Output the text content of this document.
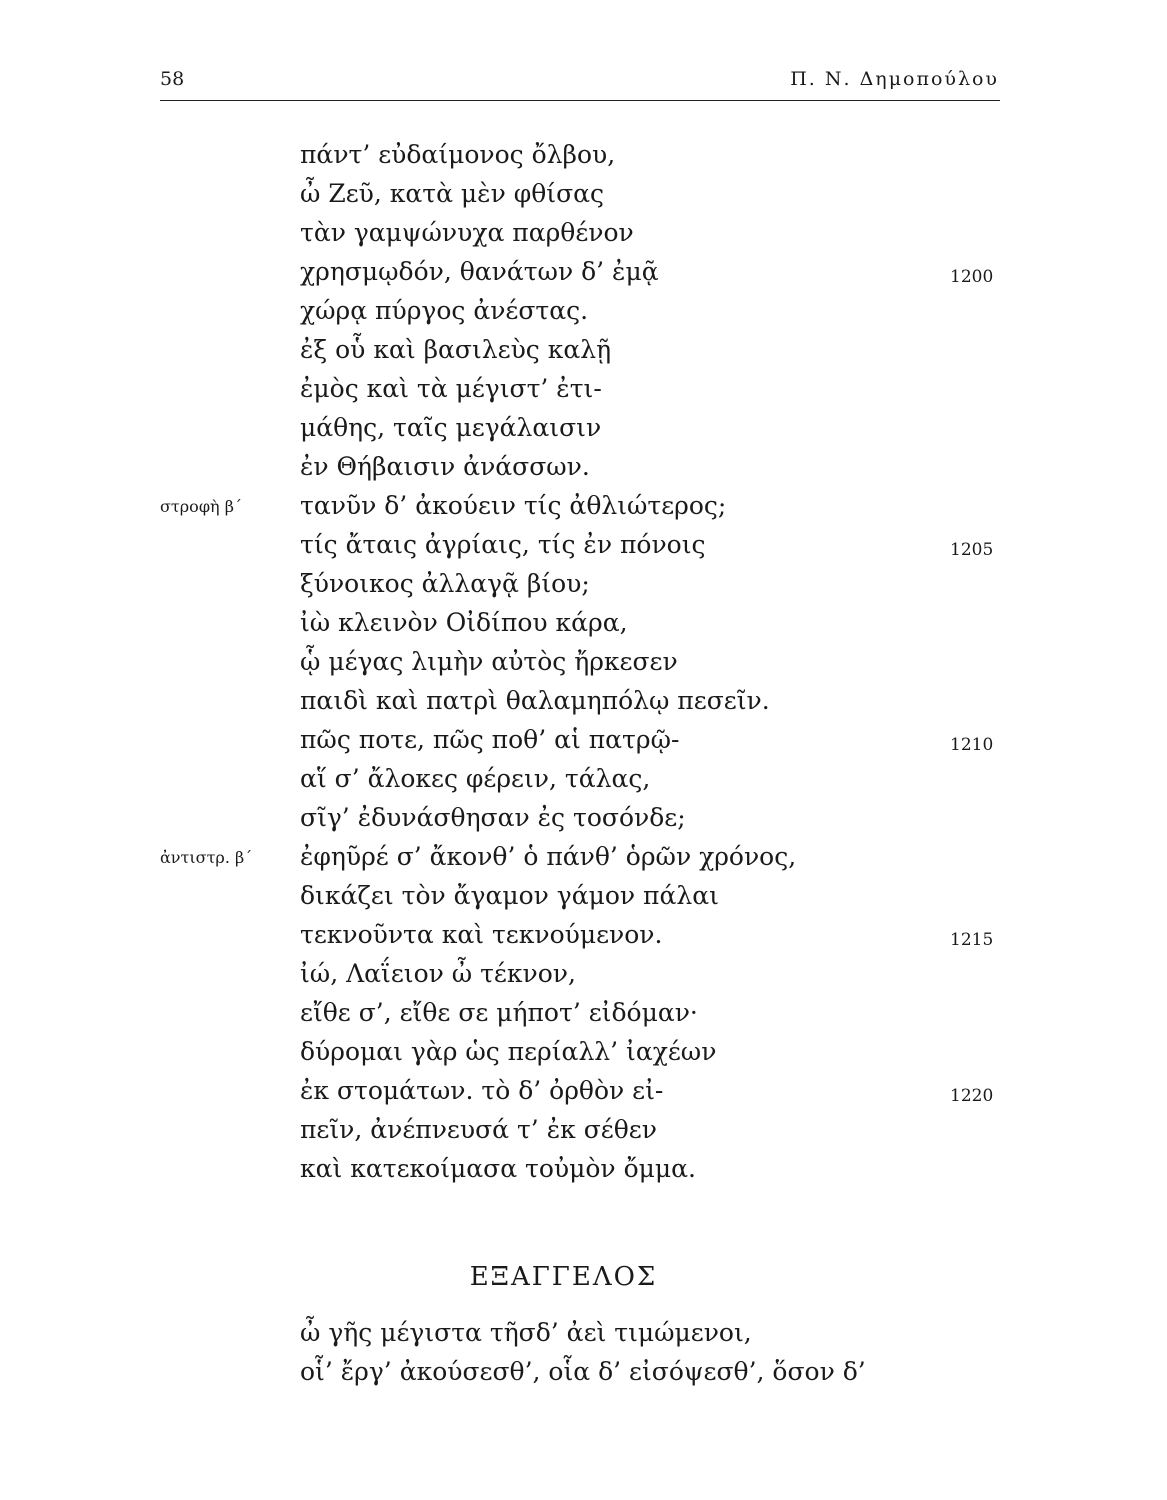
58	Π. Ν. Δημοπούλου
πάντ’ εὐδαίμονος ὄλβου,
ὦ Ζεῦ, κατὰ μὲν φθίσας
τὰν γαμψώνυχα παρθένον
χρησμῳδόν, θανάτων δ’ ἐμᾷ	1200
χώρᾳ πύργος ἀνέστας.
ἐξ οὗ καὶ βασιλεὺς καλῇ
ἐμὸς καὶ τὰ μέγιστ’ ἐτι-
μάθης, ταῖς μεγάλαισιν
ἐν Θήβαισιν ἀνάσσων.
στροφὴ β΄ τανῦν δ’ ἀκούειν τίς ἀθλιώτερος;
τίς ἄταις ἀγρίαις, τίς ἐν πόνοις	1205
ξύνοικος ἀλλαγᾷ βίου;
ἰὼ κλεινὸν Οἰδίπου κάρα,
ᾧ μέγας λιμὴν αὐτὸς ἤρκεσεν
παιδὶ καὶ πατρὶ θαλαμηπόλῳ πεσεῖν.
πῶς ποτε, πῶς ποθ’ αἱ πατρῷ-	1210
αἵ σ’ ἄλοκες φέρειν, τάλας,
σῖγ’ ἐδυνάσθησαν ἐς τοσόνδε;
ἀντιστρ. β΄ ἐφηῦρέ σ’ ἄκονθ’ ὁ πάνθ’ ὁρῶν χρόνος,
δικάζει τὸν ἄγαμον γάμον πάλαι
τεκνοῦντα καὶ τεκνούμενον.	1215
ἰώ, Λαΐειον ὦ τέκνον,
εἴθε σ’, εἴθε σε μήποτ’ εἰδόμαν·
δύρομαι γὰρ ὡς περίαλλ’ ἰαχέων
ἐκ στομάτων. τὸ δ’ ὀρθὸν εἰ-	1220
πεῖν, ἀνέπνευσά τ’ ἐκ σέθεν
καὶ κατεκοίμασα τοὐμὸν ὄμμα.
ΕΞΑΓΓΕΛΟΣ
ὦ γῆς μέγιστα τῆσδ’ ἀεὶ τιμώμενοι,
οἷ’ ἔργ’ ἀκούσεσθ’, οἷα δ’ εἰσόψεσθ’, ὅσον δ’
